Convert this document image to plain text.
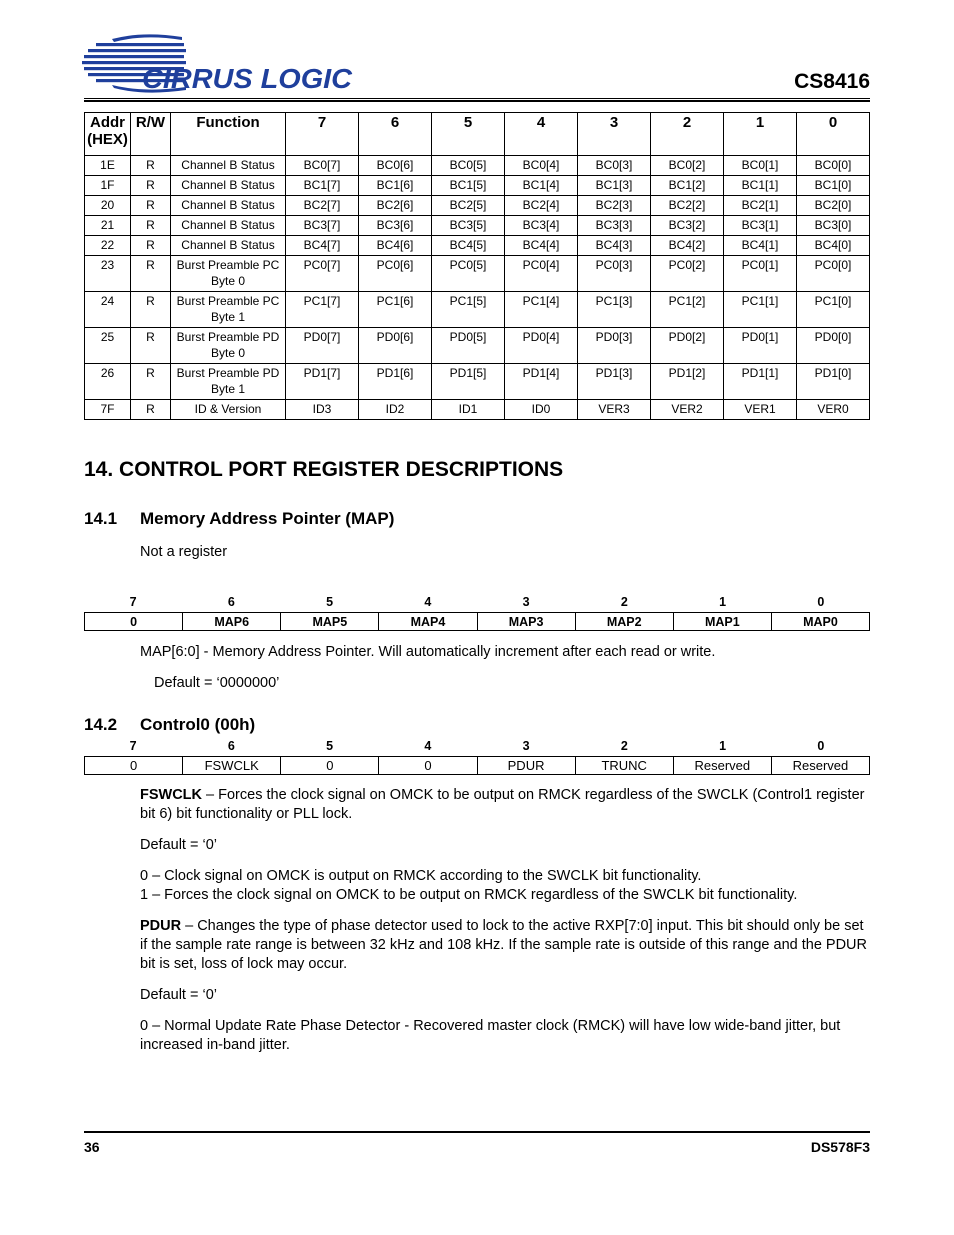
CIRRUS LOGIC	CS8416
Addr (HEX)	R/W	Function	7	6	5	4	3	2	1	0
1E	R	Channel B Status	BC0[7]	BC0[6]	BC0[5]	BC0[4]	BC0[3]	BC0[2]	BC0[1]	BC0[0]
1F	R	Channel B Status	BC1[7]	BC1[6]	BC1[5]	BC1[4]	BC1[3]	BC1[2]	BC1[1]	BC1[0]
20	R	Channel B Status	BC2[7]	BC2[6]	BC2[5]	BC2[4]	BC2[3]	BC2[2]	BC2[1]	BC2[0]
21	R	Channel B Status	BC3[7]	BC3[6]	BC3[5]	BC3[4]	BC3[3]	BC3[2]	BC3[1]	BC3[0]
22	R	Channel B Status	BC4[7]	BC4[6]	BC4[5]	BC4[4]	BC4[3]	BC4[2]	BC4[1]	BC4[0]
23	R	Burst Preamble PC Byte 0	PC0[7]	PC0[6]	PC0[5]	PC0[4]	PC0[3]	PC0[2]	PC0[1]	PC0[0]
24	R	Burst Preamble PC Byte 1	PC1[7]	PC1[6]	PC1[5]	PC1[4]	PC1[3]	PC1[2]	PC1[1]	PC1[0]
25	R	Burst Preamble PD Byte 0	PD0[7]	PD0[6]	PD0[5]	PD0[4]	PD0[3]	PD0[2]	PD0[1]	PD0[0]
26	R	Burst Preamble PD Byte 1	PD1[7]	PD1[6]	PD1[5]	PD1[4]	PD1[3]	PD1[2]	PD1[1]	PD1[0]
7F	R	ID & Version	ID3	ID2	ID1	ID0	VER3	VER2	VER1	VER0
14. CONTROL PORT REGISTER DESCRIPTIONS
14.1 Memory Address Pointer (MAP)

Not a register

7	6	5	4	3	2	1	0
0	MAP6	MAP5	MAP4	MAP3	MAP2	MAP1	MAP0

MAP[6:0] - Memory Address Pointer. Will automatically increment after each read or write.

Default = ‘0000000’

14.2 Control0 (00h)
7	6	5	4	3	2	1	0
0	FSWCLK	0	0	PDUR	TRUNC	Reserved	Reserved

FSWCLK – Forces the clock signal on OMCK to be output on RMCK regardless of the SWCLK (Control1 register bit 6) bit functionality or PLL lock.

Default = ‘0’

0 – Clock signal on OMCK is output on RMCK according to the SWCLK bit functionality.

1 – Forces the clock signal on OMCK to be output on RMCK regardless of the SWCLK bit functionality.

PDUR – Changes the type of phase detector used to lock to the active RXP[7:0] input. This bit should only be set if the sample rate range is between 32 kHz and 108 kHz. If the sample rate is outside of this range and the PDUR bit is set, loss of lock may occur.

Default = ‘0’

0 – Normal Update Rate Phase Detector - Recovered master clock (RMCK) will have low wide-band jitter, but increased in-band jitter.

36	DS578F3
